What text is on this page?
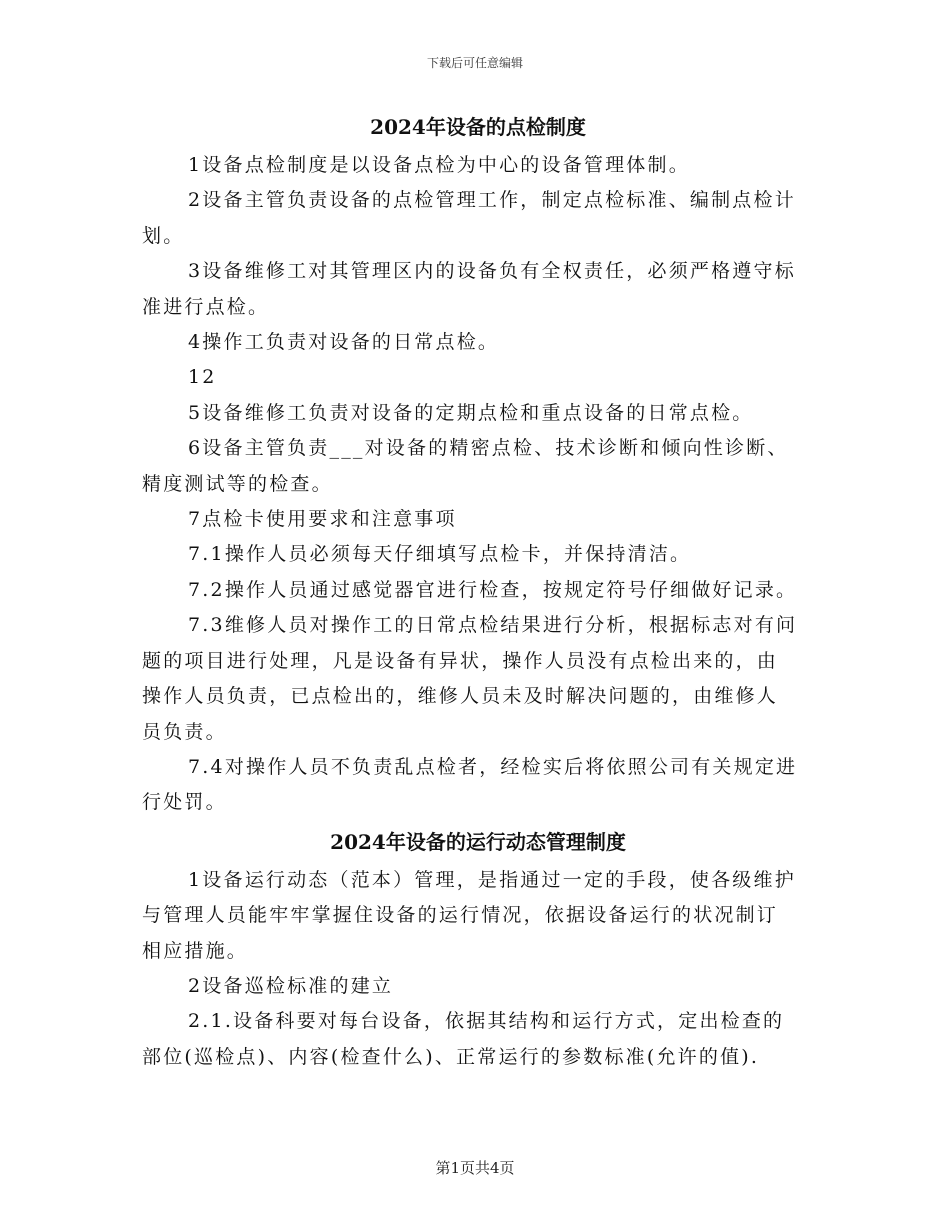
下载后可任意编辑
2024年设备的点检制度
1设备点检制度是以设备点检为中心的设备管理体制。
2设备主管负责设备的点检管理工作，制定点检标准、编制点检计
划。
3设备维修工对其管理区内的设备负有全权责任，必须严格遵守标
准进行点检。
4操作工负责对设备的日常点检。
12
5设备维修工负责对设备的定期点检和重点设备的日常点检。
6设备主管负责___对设备的精密点检、技术诊断和倾向性诊断、
精度测试等的检查。
7点检卡使用要求和注意事项
7.1操作人员必须每天仔细填写点检卡，并保持清洁。
7.2操作人员通过感觉器官进行检查，按规定符号仔细做好记录。
7.3维修人员对操作工的日常点检结果进行分析，根据标志对有问
题的项目进行处理，凡是设备有异状，操作人员没有点检出来的，由
操作人员负责，已点检出的，维修人员未及时解决问题的，由维修人
员负责。
7.4对操作人员不负责乱点检者，经检实后将依照公司有关规定进
行处罚。
2024年设备的运行动态管理制度
1设备运行动态（范本）管理，是指通过一定的手段，使各级维护
与管理人员能牢牢掌握住设备的运行情况，依据设备运行的状况制订
相应措施。
2设备巡检标准的建立
2.1.设备科要对每台设备，依据其结构和运行方式，定出检查的
部位(巡检点)、内容(检查什么)、正常运行的参数标准(允许的值).
第1页共4页
